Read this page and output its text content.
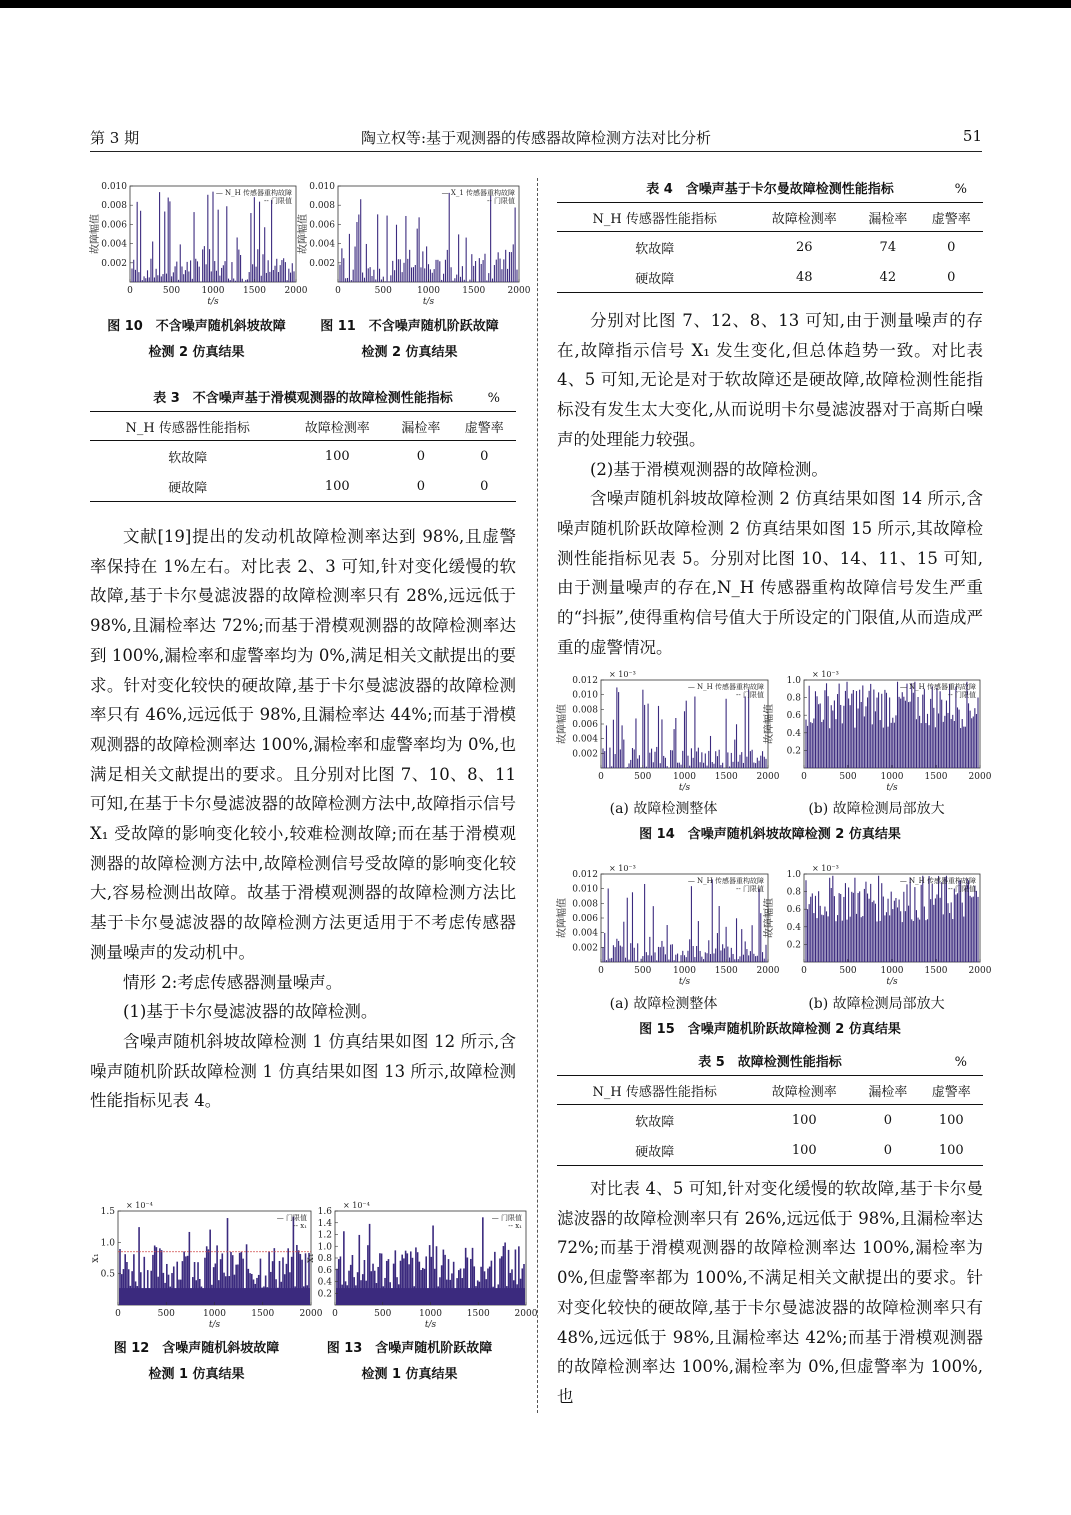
第 3 期	陶立权等:基于观测器的传感器故障检测方法对比分析	51
0.002
0.004
0.006
0.008
0.010
0	500 1000 1500 2000
t/s
故障幅值
— N_H 传感器重构故障
-- 门限值
0.002
0.004
0.006
0.008
0.010
0	500	1000 1500 2000
t/s
故障幅值
— X_1 传感器重构故障
-- 门限值
图 10　不含噪声随机斜坡故障
检测 2 仿真结果
图 11　不含噪声随机阶跃故障
检测 2 仿真结果
表 3　不含噪声基于滑模观测器的故障检测性能指标	%
N_H 传感器性能指标	故障检测率	漏检率	虚警率
软故障	100	0	0
硬故障	100	0	0

文献[19]提出的发动机故障检测率达到 98%,且虚警率保持在 1%左右。对比表 2、3 可知,针对变化缓慢的软故障,基于卡尔曼滤波器的故障检测率只有 28%,远远低于 98%,且漏检率达 72%;而基于滑模观测器的故障检测率达到 100%,漏检率和虚警率均为 0%,满足相关文献提出的要求。针对变化较快的硬故障,基于卡尔曼滤波器的故障检测率只有 46%,远远低于 98%,且漏检率达 44%;而基于滑模观测器的故障检测率达 100%,漏检率和虚警率均为 0%,也满足相关文献提出的要求。且分别对比图 7、10、8、11 可知,在基于卡尔曼滤波器的故障检测方法中,故障指示信号 X₁ 受故障的影响变化较小,较难检测故障;而在基于滑模观测器的故障检测方法中,故障检测信号受故障的影响变化较大,容易检测出故障。故基于滑模观测器的故障检测方法比基于卡尔曼滤波器的故障检测方法更适用于不考虑传感器测量噪声的发动机中。

情形 2:考虑传感器测量噪声。

(1)基于卡尔曼滤波器的故障检测。

含噪声随机斜坡故障检测 1 仿真结果如图 12 所示,含噪声随机阶跃故障检测 1 仿真结果如图 13 所示,故障检测性能指标见表 4。

0.5
1.0
1.5
0	500	1000	1500	2000
t/s
x₁
× 10⁻⁴
— 门限值
-- x₁
0.2
0.4
0.6
0.8
1.0
1.2
1.4
1.6
0	500	1000	1500	2000
t/s
x₁
× 10⁻⁴
— 门限值
-- x₁
图 12　含噪声随机斜坡故障
检测 1 仿真结果
图 13　含噪声随机阶跃故障
检测 1 仿真结果
表 4　含噪声基于卡尔曼故障检测性能指标	%
N_H 传感器性能指标	故障检测率	漏检率	虚警率
软故障	26	74	0
硬故障	48	42	0

分别对比图 7、12、8、13 可知,由于测量噪声的存在,故障指示信号 X₁ 发生变化,但总体趋势一致。对比表 4、5 可知,无论是对于软故障还是硬故障,故障检测性能指标没有发生太大变化,从而说明卡尔曼滤波器对于高斯白噪声的处理能力较强。

(2)基于滑模观测器的故障检测。

含噪声随机斜坡故障检测 2 仿真结果如图 14 所示,含噪声随机阶跃故障检测 2 仿真结果如图 15 所示,其故障检测性能指标见表 5。分别对比图 10、14、11、15 可知,由于测量噪声的存在,N_H 传感器重构故障信号发生严重的“抖振”,使得重构信号值大于所设定的门限值,从而造成严重的虚警情况。

0.002
0.004
0.006
0.008
0.010
0.012
0	500 1000 1500 2000
t/s
故障幅值
× 10⁻³
— N_H 传感器重构故障
-- 门限值
0.2
0.4
0.6
0.8
1.0
0	500	1000 1500 2000
t/s
故障幅值
× 10⁻³
— N_H 传感器重构故障
-- 门限值
(a) 故障检测整体	(b) 故障检测局部放大
图 14　含噪声随机斜坡故障检测 2 仿真结果
0.002
0.004
0.006
0.008
0.010
0.012
0	500 1000 1500 2000
t/s
故障幅值
× 10⁻³
— N_H 传感器重构故障
-- 门限值
0.2
0.4
0.6
0.8
1.0
0	500	1000 1500 2000
t/s
故障幅值
× 10⁻³
— N_H 传感器重构故障
-- 门限值
(a) 故障检测整体	(b) 故障检测局部放大
图 15　含噪声随机阶跃故障检测 2 仿真结果
表 5　故障检测性能指标	%
N_H 传感器性能指标	故障检测率	漏检率	虚警率
软故障	100	0	100
硬故障	100	0	100

对比表 4、5 可知,针对变化缓慢的软故障,基于卡尔曼滤波器的故障检测率只有 26%,远远低于 98%,且漏检率达 72%;而基于滑模观测器的故障检测率达 100%,漏检率为 0%,但虚警率都为 100%,不满足相关文献提出的要求。针对变化较快的硬故障,基于卡尔曼滤波器的故障检测率只有 48%,远远低于 98%,且漏检率达 42%;而基于滑模观测器的故障检测率达 100%,漏检率为 0%,但虚警率为 100%,也
